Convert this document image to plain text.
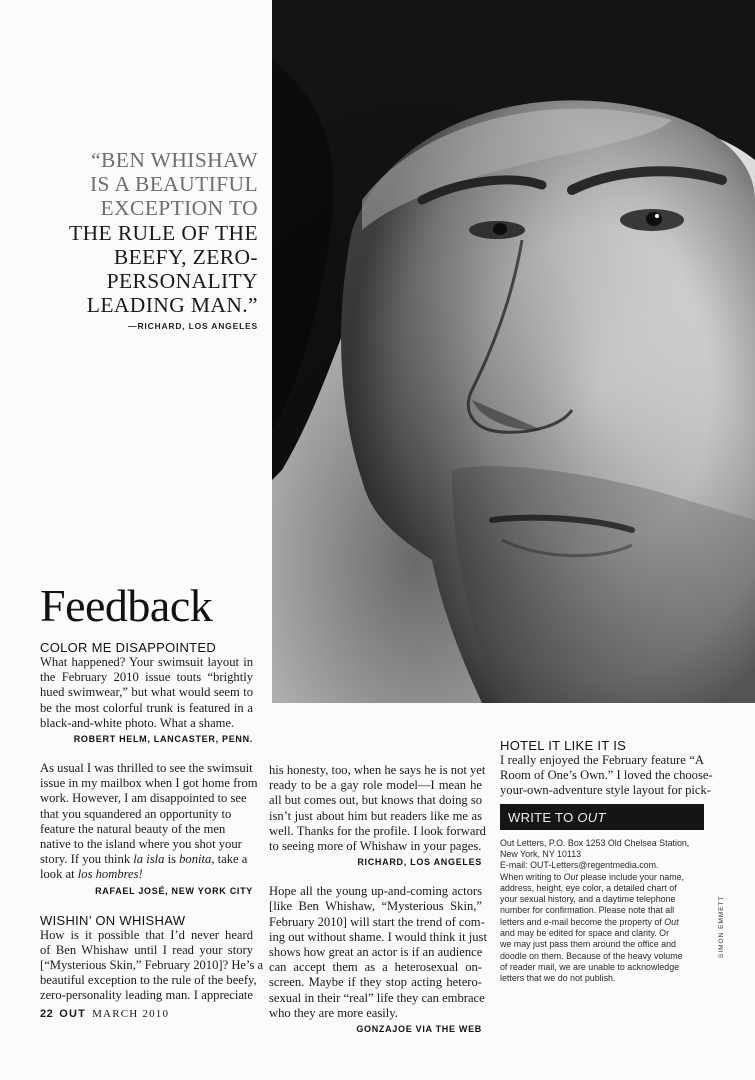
“BEN WHISHAW
IS A BEAUTIFUL
EXCEPTION TO
THE RULE OF THE
BEEFY, ZERO-
PERSONALITY
LEADING MAN.”
—RICHARD, LOS ANGELES
Feedback
COLOR ME DISAPPOINTED
What happened? Your swimsuit layout in
the February 2010 issue touts “brightly
hued swimwear,” but what would seem to
be the most colorful trunk is featured in a
black-and-white photo. What a shame.
ROBERT HELM, LANCASTER, PENN.
As usual I was thrilled to see the swimsuit
issue in my mailbox when I got home from
work. However, I am disappointed to see
that you squandered an opportunity to
feature the natural beauty of the men
native to the island where you shot your
story. If you think la isla is bonita, take a
look at los hombres!
RAFAEL JOSÉ, NEW YORK CITY
WISHIN’ ON WHISHAW
How is it possible that I’d never heard
of Ben Whishaw until I read your story
[“Mysterious Skin,” February 2010]? He’s a
beautiful exception to the rule of the beefy,
zero-personality leading man. I appreciate
his honesty, too, when he says he is not yet
ready to be a gay role model—I mean he
all but comes out, but knows that doing so
isn’t just about him but readers like me as
well. Thanks for the profile. I look forward
to seeing more of Whishaw in your pages.
RICHARD, LOS ANGELES
Hope all the young up-and-coming actors
[like Ben Whishaw, “Mysterious Skin,”
February 2010] will start the trend of com-
ing out without shame. I would think it just
shows how great an actor is if an audience
can accept them as a heterosexual on-
screen. Maybe if they stop acting hetero-
sexual in their “real” life they can embrace
who they are more easily.
GONZAJOE VIA THE WEB
HOTEL IT LIKE IT IS
I really enjoyed the February feature “A
Room of One’s Own.” I loved the choose-
your-own-adventure style layout for pick-
WRITE TO OUT
Out Letters, P.O. Box 1253 Old Chelsea Station,
New York, NY 10113
E-mail: OUT-Letters@regentmedia.com.
When writing to Out please include your name,
address, height, eye color, a detailed chart of
your sexual history, and a daytime telephone
number for confirmation. Please note that all
letters and e-mail become the property of Out
and may be edited for space and clarity. Or
we may just pass them around the office and
doodle on them. Because of the heavy volume
of reader mail, we are unable to acknowledge
letters that we do not publish.
22 OUT MARCH 2010
SIMON EMMETT
